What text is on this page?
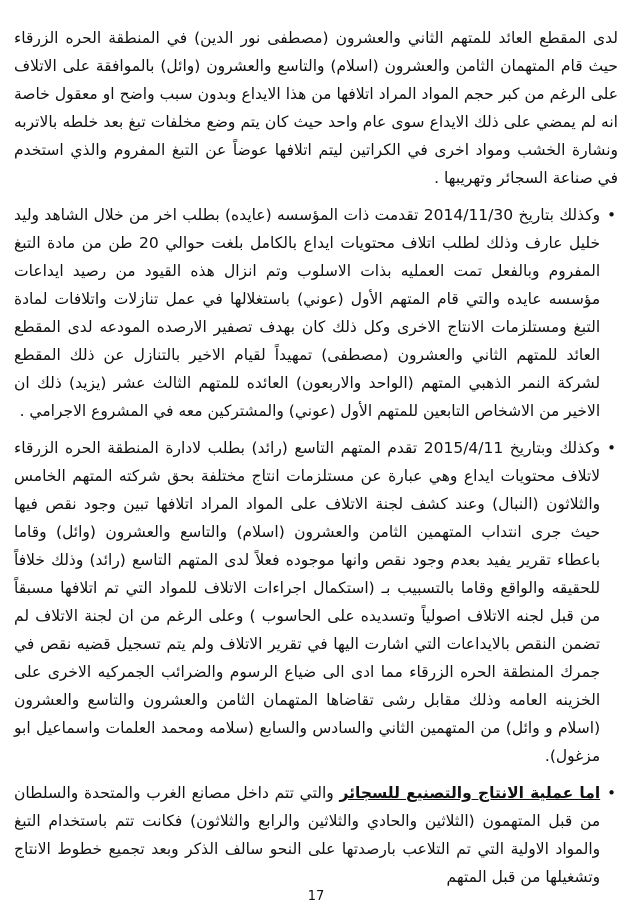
لدى المقطع العائد للمتهم الثاني والعشرون (مصطفى نور الدين) في المنطقة الحره الزرقاء حيث قام المتهمان الثامن والعشرون (اسلام) والتاسع والعشرون (وائل) بالموافقة على الاتلاف على الرغم من كبر حجم المواد المراد اتلافها من هذا الايداع وبدون سبب واضح او معقول خاصة انه لم يمضي على ذلك الايداع سوى عام واحد حيث كان يتم وضع مخلفات تبغ بعد خلطه بالاتربه ونشارة الخشب ومواد اخرى في الكراتين ليتم اتلافها عوضاً عن التبغ المفروم والذي استخدم في صناعة السجائر وتهريبها .

•

وكذلك بتاريخ 2014/11/30 تقدمت ذات المؤسسه (عايده) بطلب اخر من خلال الشاهد وليد خليل عارف وذلك لطلب اتلاف محتويات ايداع بالكامل بلغت حوالي 20 طن من مادة التبغ المفروم وبالفعل تمت العمليه بذات الاسلوب وتم انزال هذه القيود من رصيد ايداعات مؤسسه عايده والتي قام المتهم الأول (عوني) باستغلالها في عمل تنازلات واتلافات لمادة التبغ ومستلزمات الانتاج الاخرى وكل ذلك كان بهدف تصفير الارصده المودعه لدى المقطع العائد للمتهم الثاني والعشرون (مصطفى) تمهيداً لقيام الاخير بالتنازل عن ذلك المقطع لشركة النمر الذهبي المتهم (الواحد والاربعون) العائده للمتهم الثالث عشر (يزيد) ذلك ان الاخير من الاشخاص التابعين للمتهم الأول (عوني) والمشتركين معه في المشروع الاجرامي .

•

وكذلك وبتاريخ 2015/4/11 تقدم المتهم التاسع (رائد) بطلب لادارة المنطقة الحره الزرقاء لاتلاف محتويات ايداع وهي عبارة عن مستلزمات انتاج مختلفة بحق شركته المتهم الخامس والثلاثون (النبال) وعند كشف لجنة الاتلاف على المواد المراد اتلافها تبين وجود نقص فيها حيث جرى انتداب المتهمين الثامن والعشرون (اسلام) والتاسع والعشرون (وائل) وقاما باعطاء تقرير يفيد بعدم وجود نقص وانها موجوده فعلاً لدى المتهم التاسع (رائد) وذلك خلافاً للحقيقه والواقع وقاما بالتسبيب بـ (استكمال اجراءات الاتلاف للمواد التي تم اتلافها مسبقاً من قبل لجنه الاتلاف اصولياً وتسديده على الحاسوب ) وعلى الرغم من ان لجنة الاتلاف لم تضمن النقص بالايداعات التي اشارت اليها في تقرير الاتلاف ولم يتم تسجيل قضيه نقص في جمرك المنطقة الحره الزرقاء مما ادى الى ضياع الرسوم والضرائب الجمركيه الاخرى على الخزينه العامه وذلك مقابل رشى تقاضاها المتهمان الثامن والعشرون والتاسع والعشرون (اسلام و وائل) من المتهمين الثاني والسادس والسابع (سلامه ومحمد العلمات واسماعيل ابو مزغول).

•

اما عملية الانتاج والتصنيع للسجائر والتي تتم داخل مصانع الغرب والمتحدة والسلطان من قبل المتهمون (الثلاثين والحادي والثلاثين والرابع والثلاثون) فكانت تتم باستخدام التبغ والمواد الاولية التي تم التلاعب بارصدتها على النحو سالف الذكر وبعد تجميع خطوط الانتاج وتشغيلها من قبل المتهم

17
